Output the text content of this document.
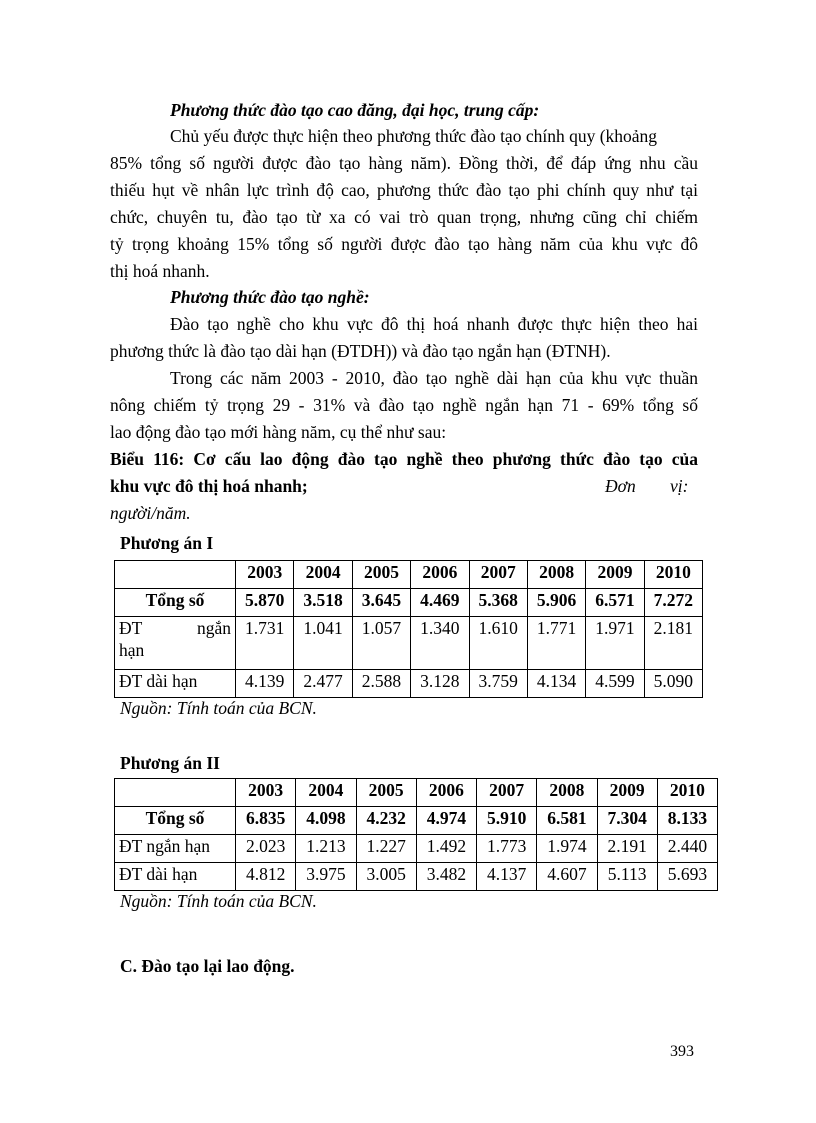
Phương thức đào tạo cao đăng, đại học, trung cấp:
Chủ yếu được thực hiện theo phương thức đào tạo chính quy (khoảng
85% tổng số người được đào tạo hàng năm). Đồng thời, để đáp ứng nhu cầu
thiếu hụt về nhân lực trình độ cao, phương thức đào tạo phi chính quy như tại
chức, chuyên tu, đào tạo từ xa có vai trò quan trọng, nhưng cũng chỉ chiếm
tỷ trọng khoảng 15% tổng số người được đào tạo hàng năm của khu vực đô
thị hoá nhanh.
Phương thức đào tạo nghề:
Đào tạo nghề cho khu vực đô thị hoá nhanh được thực hiện theo hai
phương thức là đào tạo dài hạn (ĐTDH)) và đào tạo ngắn hạn (ĐTNH).
Trong các năm 2003 - 2010, đào tạo nghề dài hạn của khu vực thuần
nông chiếm tỷ trọng 29 - 31% và đào tạo nghề ngắn hạn 71 - 69% tổng số
lao động đào tạo mới hàng năm, cụ thể như sau:
Biểu 116: Cơ cấu lao động đào tạo nghề theo phương thức đào tạo của
khu vực đô thị hoá nhanh;	Đơn vị:
người/năm.
Phương án I
	2003	2004	2005	2006	2007	2008	2009	2010
Tổng số	5.870	3.518	3.645	4.469	5.368	5.906	6.571	7.272

ĐT ngắn
hạn	1.731	1.041	1.057	1.340	1.610	1.771	1.971	2.181
ĐT dài hạn	4.139	2.477	2.588	3.128	3.759	4.134	4.599	5.090
Nguồn: Tính toán của BCN.
Phương án II
	2003	2004	2005	2006	2007	2008	2009	2010
Tổng số	6.835	4.098	4.232	4.974	5.910	6.581	7.304	8.133
ĐT ngắn hạn	2.023	1.213	1.227	1.492	1.773	1.974	2.191	2.440
ĐT dài hạn	4.812	3.975	3.005	3.482	4.137	4.607	5.113	5.693
Nguồn: Tính toán của BCN.
C. Đào tạo lại lao động.
393
